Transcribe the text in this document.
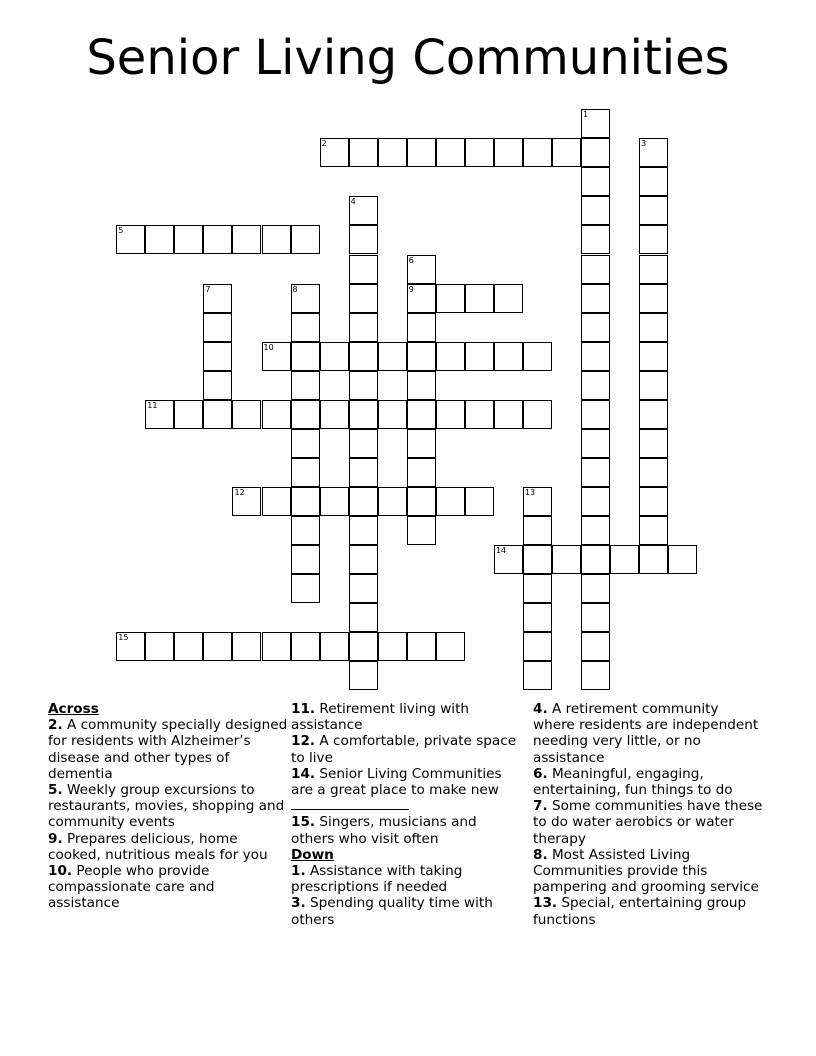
Senior Living Communities
2
5
9
10
11
12
14
15
1
3
4
6
7	8
13

Across

2. A community specially designed for residents with Alzheimer’s disease and other types of dementia

5. Weekly group excursions to restaurants, movies, shopping and community events

9. Prepares delicious, home cooked, nutritious meals for you

10. People who provide compassionate care and assistance

11. Retirement living with assistance

12. A comfortable, private space to live

14. Senior Living Communities are a great place to make new

15. Singers, musicians and others who visit often

Down

1. Assistance with taking prescriptions if needed

3. Spending quality time with others

4. A retirement community where residents are independent needing very little, or no assistance

6. Meaningful, engaging, entertaining, fun things to do

7. Some communities have these to do water aerobics or water therapy

8. Most Assisted Living Communities provide this pampering and grooming service

13. Special, entertaining group functions
